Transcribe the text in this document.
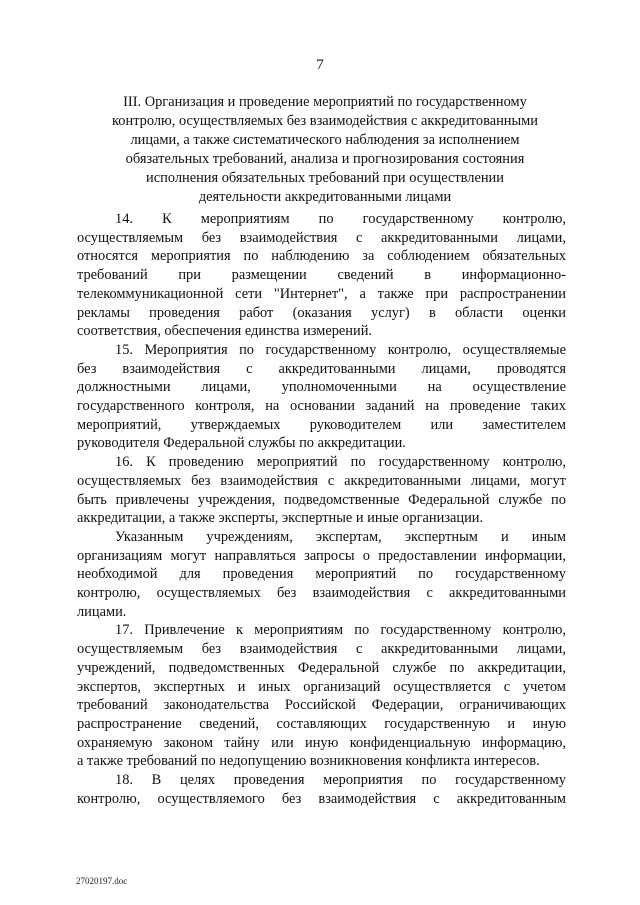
7
III. Организация и проведение мероприятий по государственному
контролю, осуществляемых без взаимодействия с аккредитованными
лицами, а также систематического наблюдения за исполнением
обязательных требований, анализа и прогнозирования состояния
исполнения обязательных требований при осуществлении
деятельности аккредитованными лицами
14. К мероприятиям по государственному контролю,
осуществляемым без взаимодействия с аккредитованными лицами,
относятся мероприятия по наблюдению за соблюдением обязательных
требований при размещении сведений в информационно-
телекоммуникационной сети "Интернет", а также при распространении
рекламы проведения работ (оказания услуг) в области оценки
соответствия, обеспечения единства измерений.
15. Мероприятия по государственному контролю, осуществляемые
без взаимодействия с аккредитованными лицами, проводятся
должностными лицами, уполномоченными на осуществление
государственного контроля, на основании заданий на проведение таких
мероприятий, утверждаемых руководителем или заместителем
руководителя Федеральной службы по аккредитации.
16. К проведению мероприятий по государственному контролю,
осуществляемых без взаимодействия с аккредитованными лицами, могут
быть привлечены учреждения, подведомственные Федеральной службе по
аккредитации, а также эксперты, экспертные и иные организации.
Указанным учреждениям, экспертам, экспертным и иным
организациям могут направляться запросы о предоставлении информации,
необходимой для проведения мероприятий по государственному
контролю, осуществляемых без взаимодействия с аккредитованными
лицами.
17. Привлечение к мероприятиям по государственному контролю,
осуществляемым без взаимодействия с аккредитованными лицами,
учреждений, подведомственных Федеральной службе по аккредитации,
экспертов, экспертных и иных организаций осуществляется с учетом
требований законодательства Российской Федерации, ограничивающих
распространение сведений, составляющих государственную и иную
охраняемую законом тайну или иную конфиденциальную информацию,
а также требований по недопущению возникновения конфликта интересов.
18. В целях проведения мероприятия по государственному
контролю, осуществляемого без взаимодействия с аккредитованным
27020197.doc
